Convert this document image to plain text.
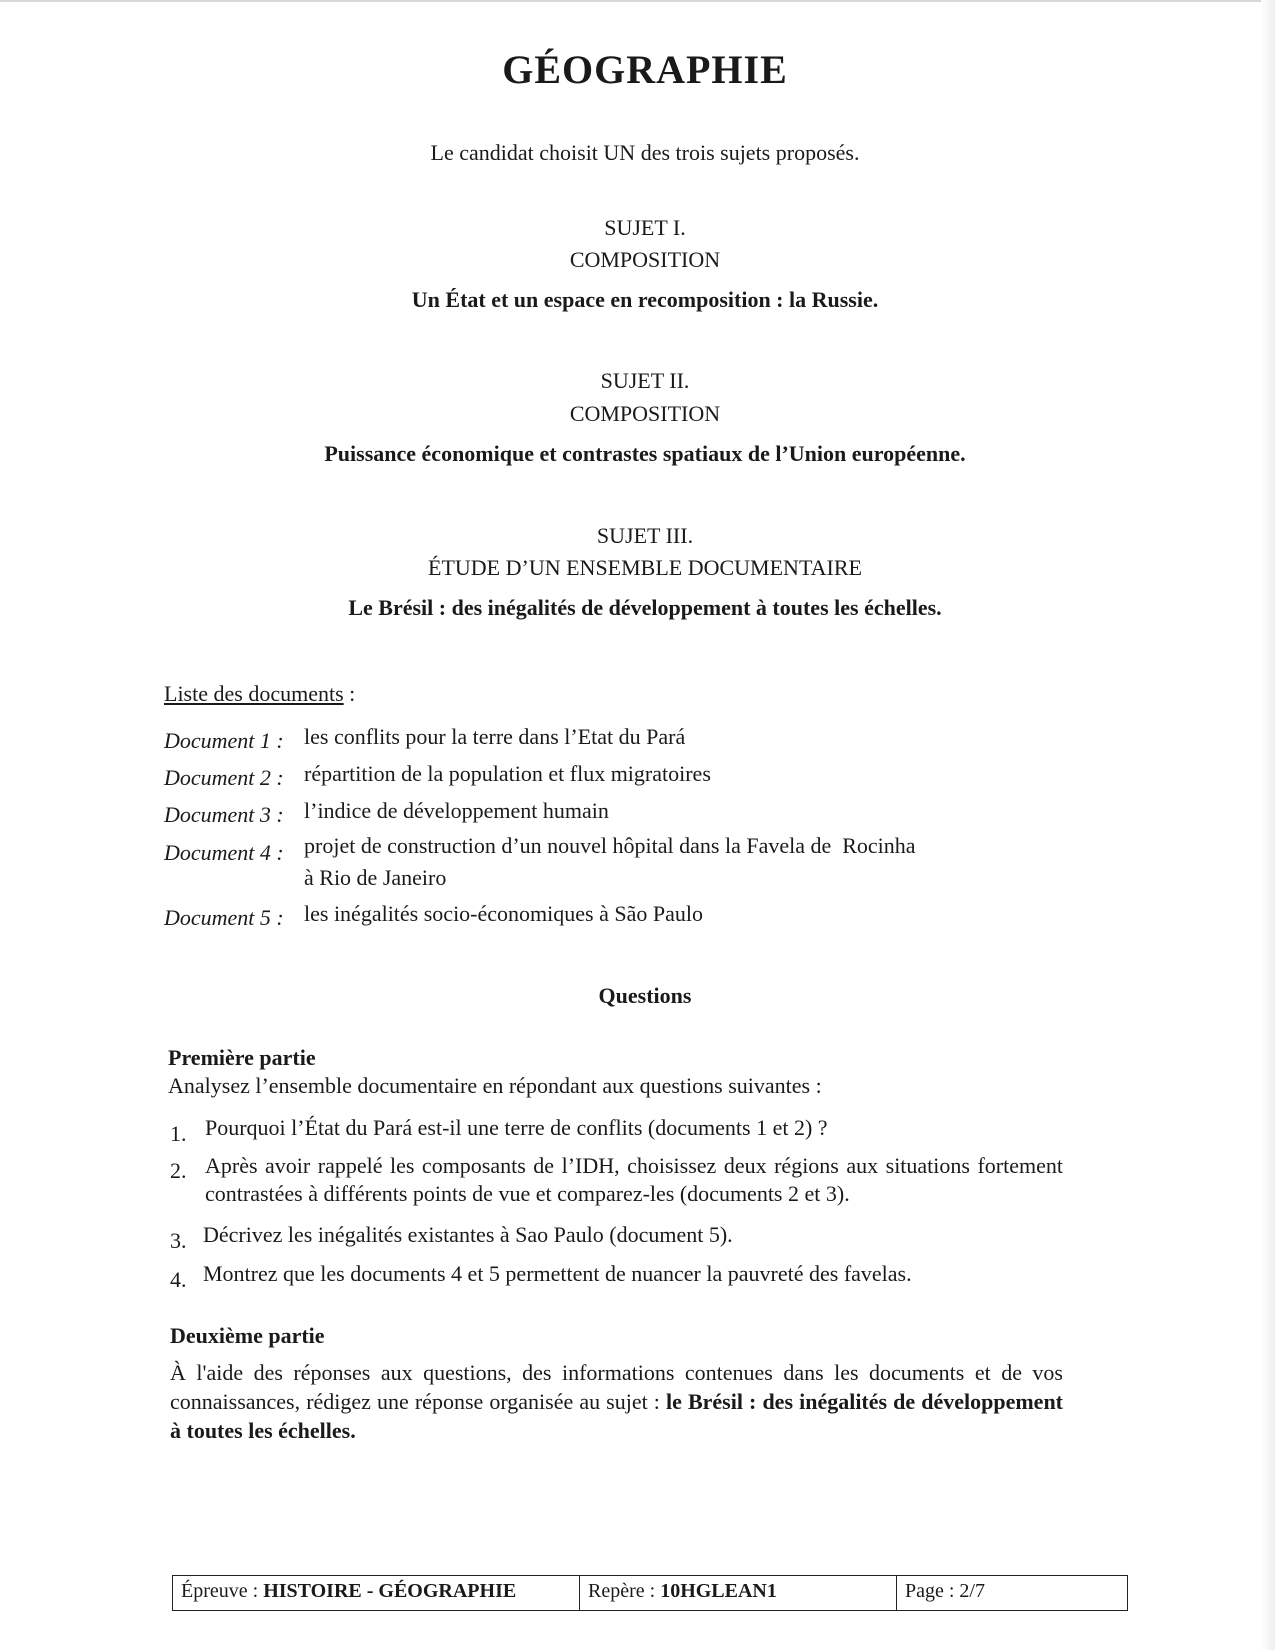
GÉOGRAPHIE
Le candidat choisit UN des trois sujets proposés.
SUJET I.
COMPOSITION
Un État et un espace en recomposition : la Russie.
SUJET II.
COMPOSITION
Puissance économique et contrastes spatiaux de l’Union européenne.
SUJET III.
ÉTUDE D’UN ENSEMBLE DOCUMENTAIRE
Le Brésil : des inégalités de développement à toutes les échelles.
Liste des documents :
Document 1 : les conflits pour la terre dans l’Etat du Pará
Document 2 : répartition de la population et flux migratoires
Document 3 : l’indice de développement humain
Document 4 : projet de construction d’un nouvel hôpital dans la Favela de  Rocinha
à Rio de Janeiro
Document 5 : les inégalités socio-économiques à São Paulo
Questions
Première partie
Analysez l’ensemble documentaire en répondant aux questions suivantes :
1. Pourquoi l’État du Pará est-il une terre de conflits (documents 1 et 2) ?
2. Après avoir rappelé les composants de l’IDH, choisissez deux régions aux situations fortement contrastées à différents points de vue et comparez-les (documents 2 et 3).
3. Décrivez les inégalités existantes à Sao Paulo (document 5).
4. Montrez que les documents 4 et 5 permettent de nuancer la pauvreté des favelas.
Deuxième partie
À l'aide des réponses aux questions, des informations contenues dans les documents et de vos connaissances, rédigez une réponse organisée au sujet : le Brésil : des inégalités de développement à toutes les échelles.
Épreuve : HISTOIRE - GÉOGRAPHIE	Repère : 10HGLEAN1	Page : 2/7
